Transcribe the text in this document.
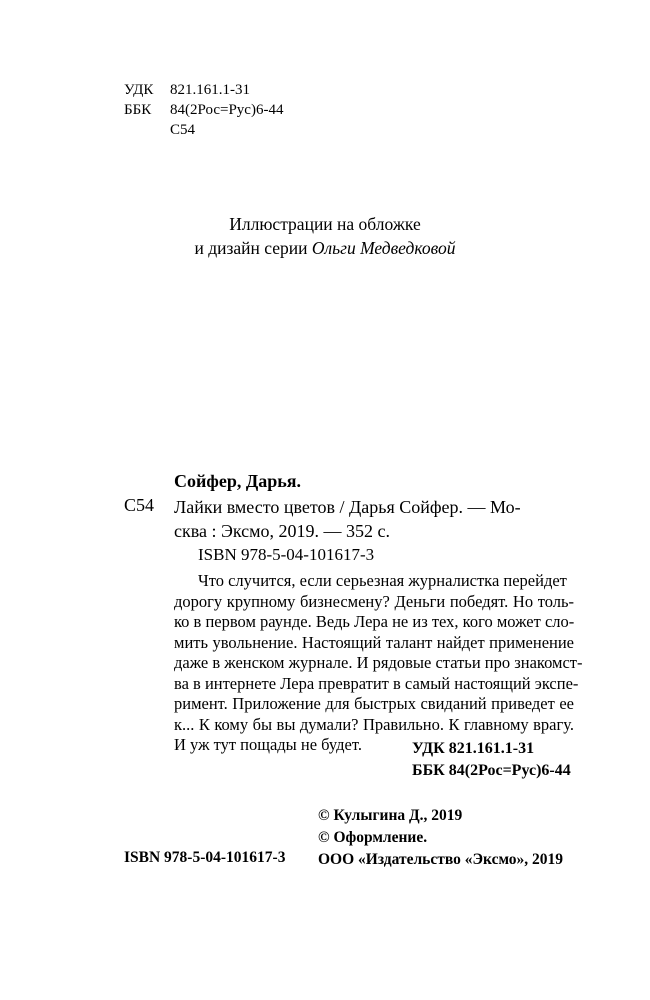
УДК 821.161.1-31
ББК 84(2Рос=Рус)6-44
С54
Иллюстрации на обложке
и дизайн серии Ольги Медведковой
Сойфер, Дарья.
С54 Лайки вместо цветов / Дарья Сойфер. — Мо-
сква : Эксмо, 2019. — 352 с.
ISBN 978-5-04-101617-3
Что случится, если серьезная журналистка перейдет
дорогу крупному бизнесмену? Деньги победят. Но толь-
ко в первом раунде. Ведь Лера не из тех, кого может сло-
мить увольнение. Настоящий талант найдет применение
даже в женском журнале. И рядовые статьи про знакомст-
ва в интернете Лера превратит в самый настоящий экспе-
римент. Приложение для быстрых свиданий приведет ее
к... К кому бы вы думали? Правильно. К главному врагу.
И уж тут пощады не будет.	УДК 821.161.1-31
ББК 84(2Рос=Рус)6-44
© Кулыгина Д., 2019
© Оформление.
ООО «Издательство «Эксмо», 2019
ISBN 978-5-04-101617-3
